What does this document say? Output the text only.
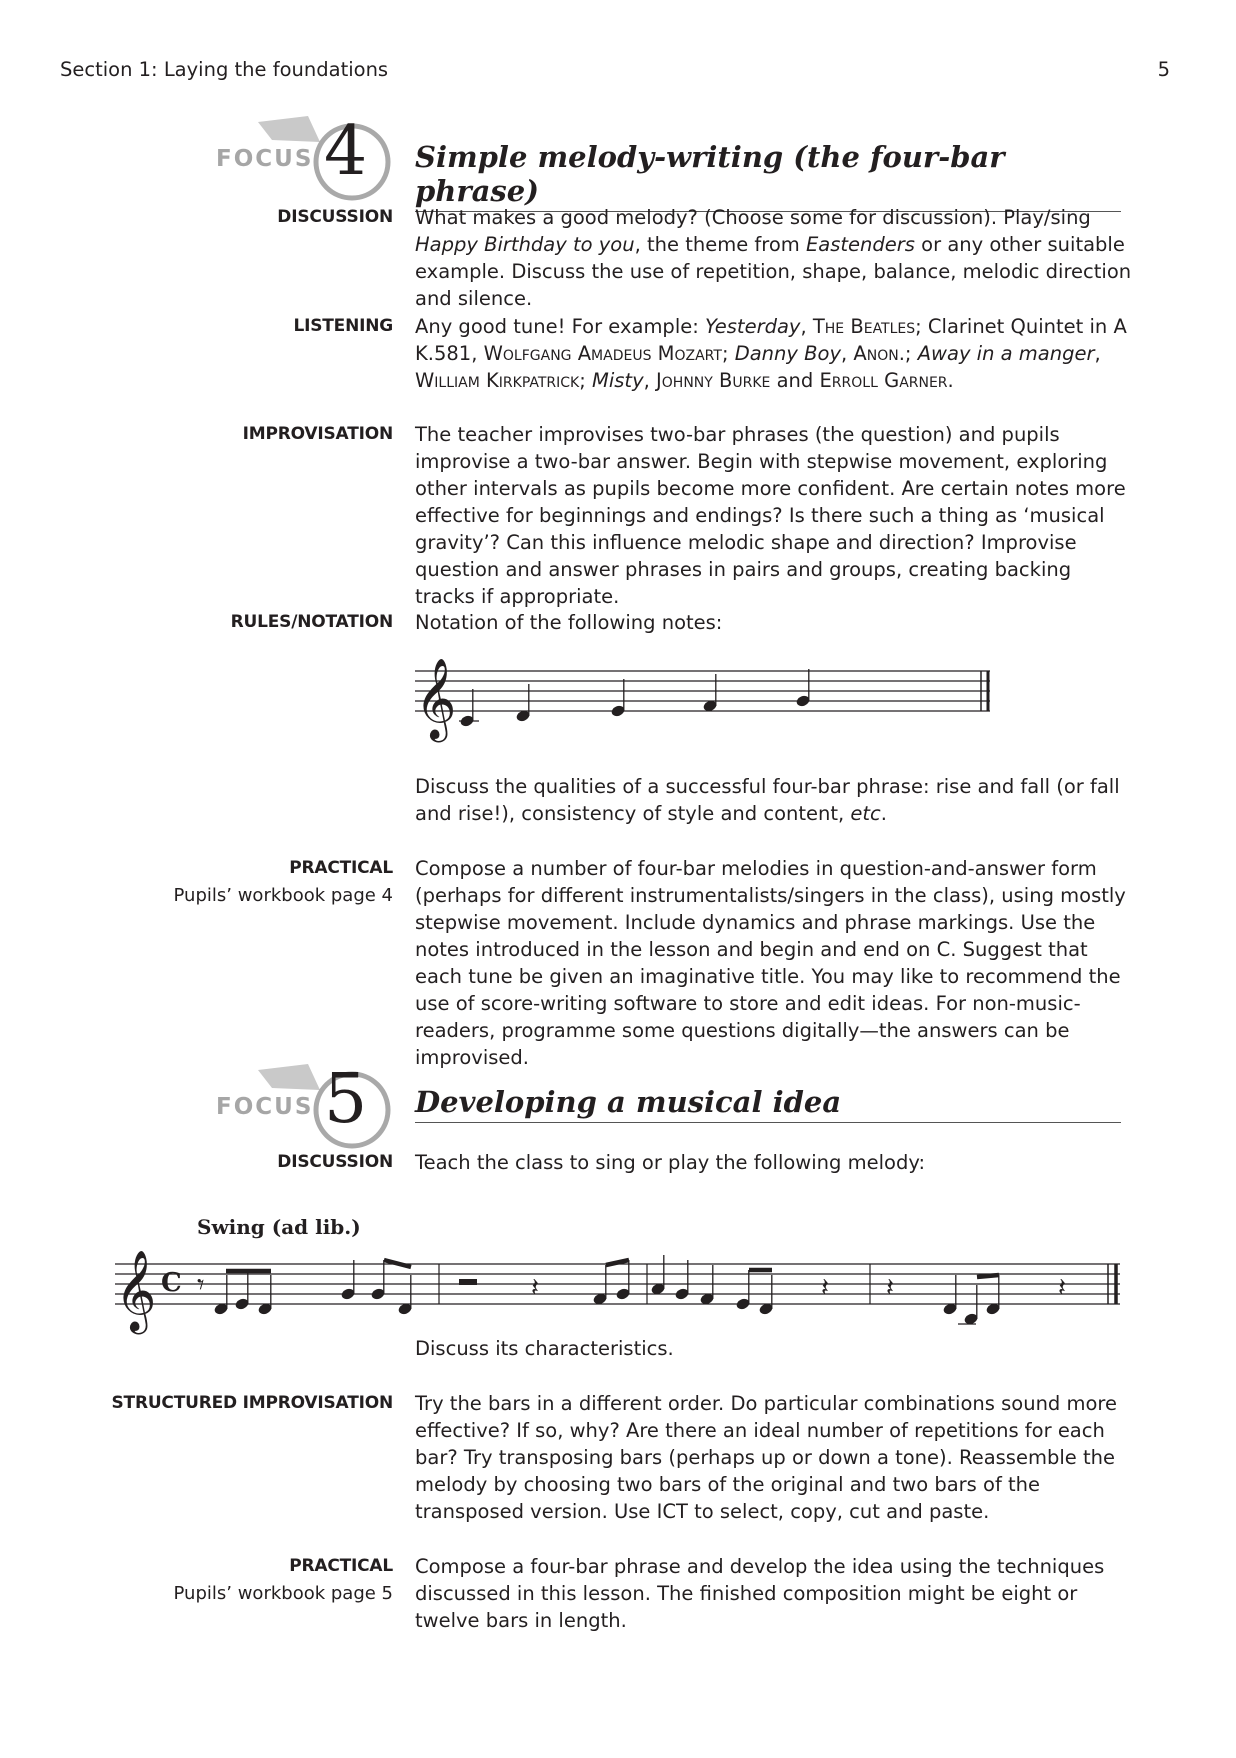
Section 1: Laying the foundations	5
FOCUS 4 Simple melody-writing (the four-bar phrase)
DISCUSSION What makes a good melody? (Choose some for discussion). Play/sing Happy Birthday to you, the theme from Eastenders or any other suitable example. Discuss the use of repetition, shape, balance, melodic direction and silence.

LISTENING Any good tune! For example: Yesterday, The Beatles; Clarinet Quintet in A K.581, Wolfgang Amadeus Mozart; Danny Boy, Anon.; Away in a manger, William Kirkpatrick; Misty, Johnny Burke and Erroll Garner.

IMPROVISATION The teacher improvises two-bar phrases (the question) and pupils improvise a two-bar answer. Begin with stepwise movement, exploring other intervals as pupils become more confident. Are certain notes more effective for beginnings and endings? Is there such a thing as ‘musical gravity’? Can this influence melodic shape and direction? Improvise question and answer phrases in pairs and groups, creating backing tracks if appropriate.
RULES/NOTATION Notation of the following notes:
𝄞

Discuss the qualities of a successful four-bar phrase: rise and fall (or fall and rise!), consistency of style and content, etc.

PRACTICAL
Pupils’ workbook page 4
Compose a number of four-bar melodies in question-and-answer form (perhaps for different instrumentalists/singers in the class), using mostly stepwise movement. Include dynamics and phrase markings. Use the notes introduced in the lesson and begin and end on C. Suggest that each tune be given an imaginative title. You may like to recommend the use of score-writing software to store and edit ideas. For non-music-readers, programme some questions digitally—the answers can be improvised.
FOCUS 5 Developing a musical idea
DISCUSSION Teach the class to sing or play the following melody:
Swing (ad lib.)
𝄞 C 𝄾	𝄽	𝄽 𝄽	𝄽
Discuss its characteristics.
STRUCTURED IMPROVISATION Try the bars in a different order. Do particular combinations sound more effective? If so, why? Are there an ideal number of repetitions for each bar? Try transposing bars (perhaps up or down a tone). Reassemble the melody by choosing two bars of the original and two bars of the transposed version. Use ICT to select, copy, cut and paste.
PRACTICAL
Pupils’ workbook page 5
Compose a four-bar phrase and develop the idea using the techniques discussed in this lesson. The finished composition might be eight or twelve bars in length.
